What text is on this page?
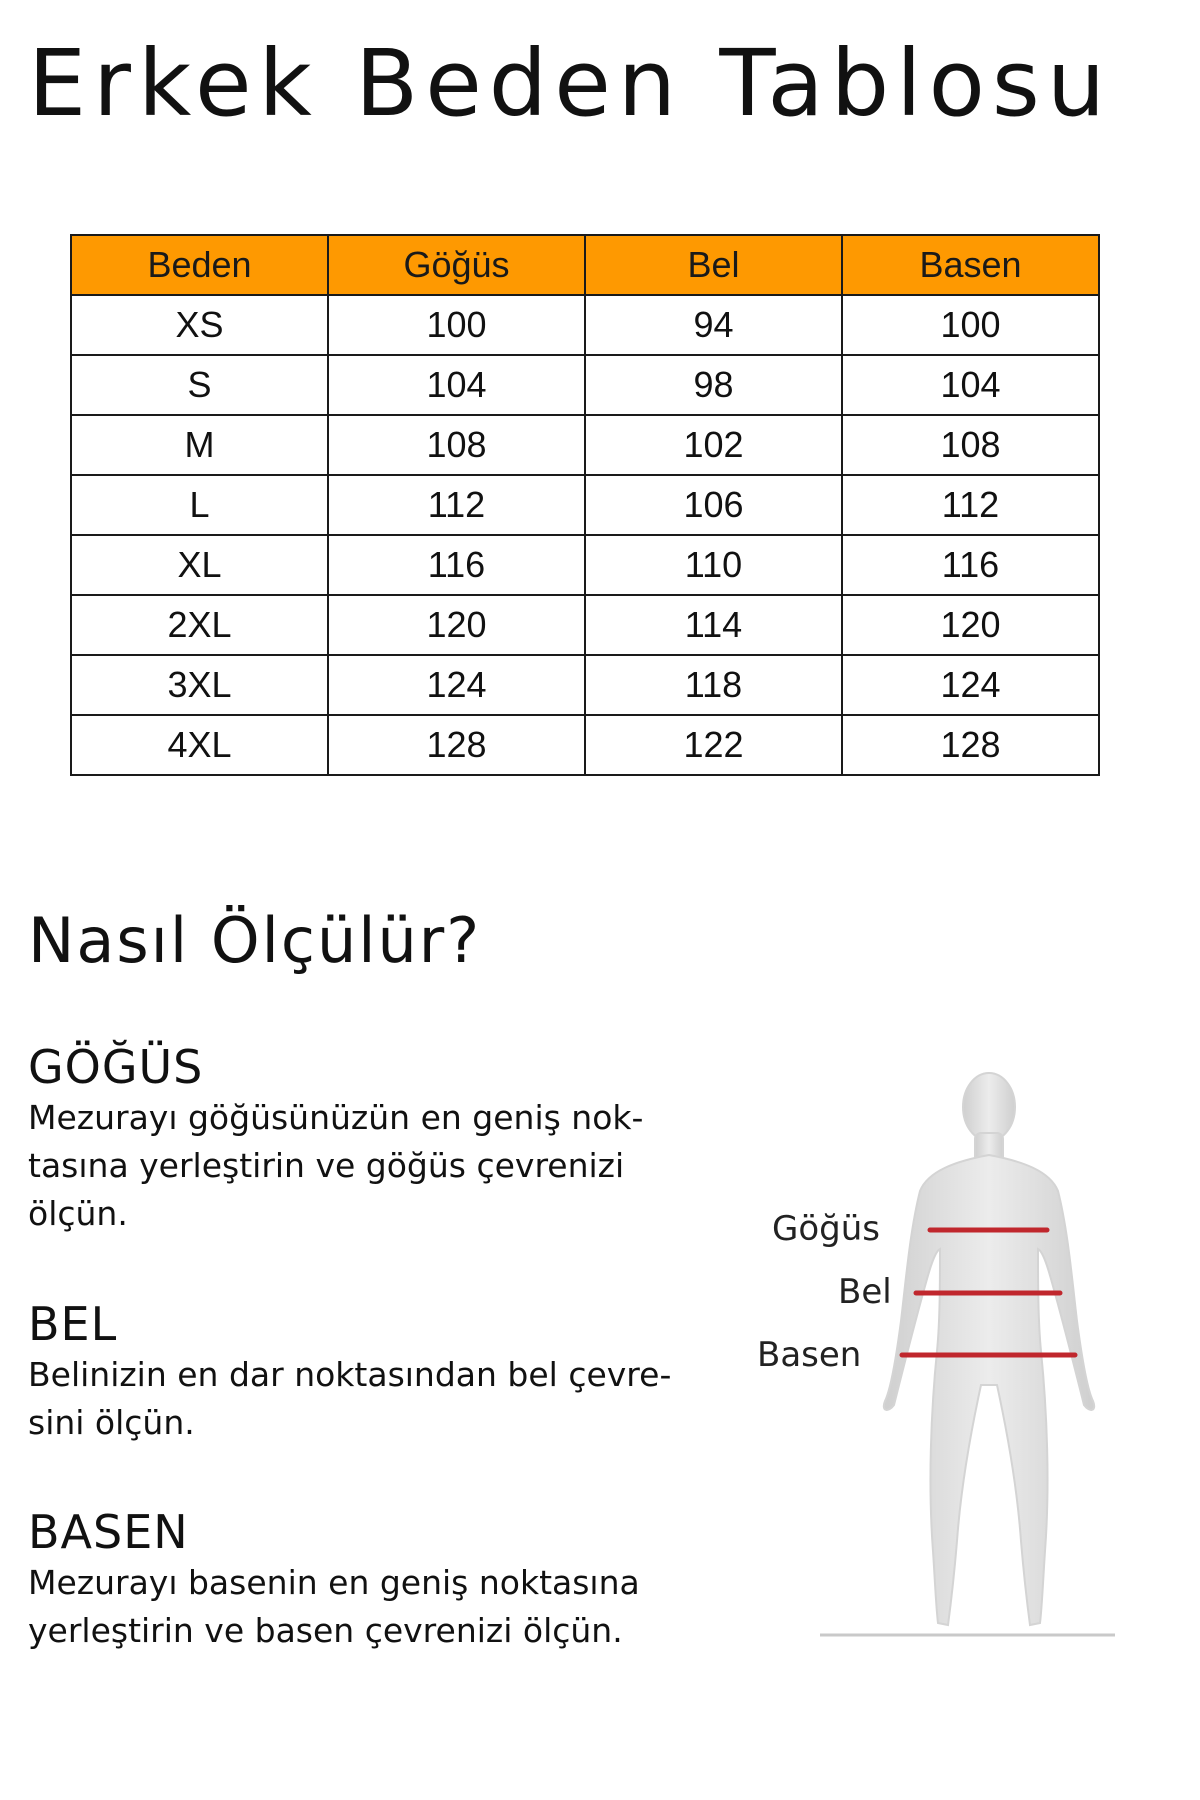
Erkek Beden Tablosu
Beden	Göğüs	Bel	Basen
XS	100	94	100
S	104	98	104
M	108	102	108
L	112	106	112
XL	116	110	116
2XL	120	114	120
3XL	124	118	124
4XL	128	122	128
Nasıl Ölçülür?
GÖĞÜS

Mezurayı göğüsünüzün en geniş nok-
tasına yerleştirin ve göğüs çevrenizi
ölçün.

BEL

Belinizin en dar noktasından bel çevre-
sini ölçün.

BASEN

Mezurayı basenin en geniş noktasına
yerleştirin ve basen çevrenizi ölçün.

Göğüs
Bel
Basen
